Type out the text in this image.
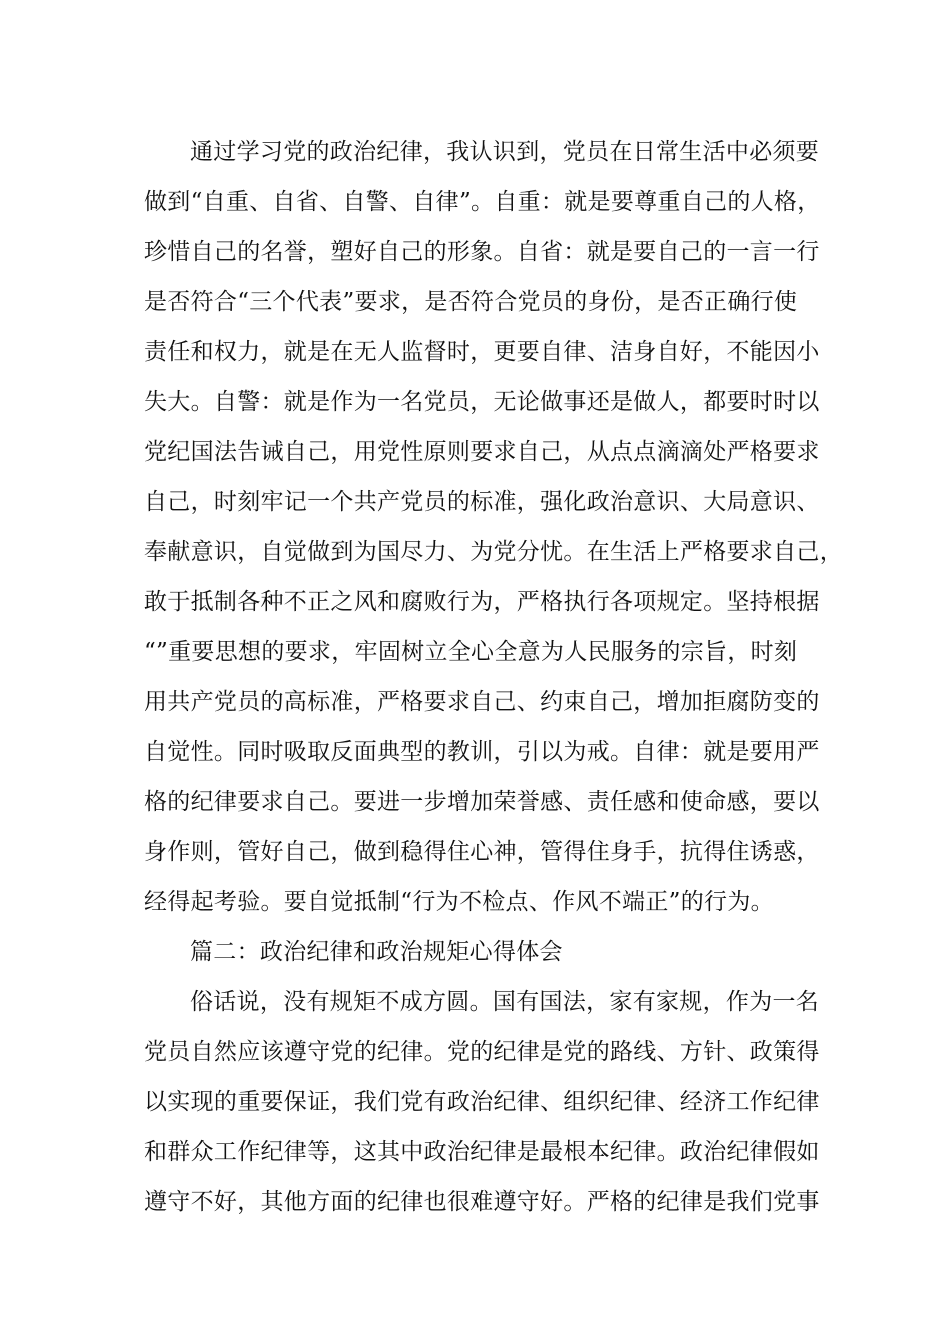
通过学习党的政治纪律，我认识到，党员在日常生活中必须要
做到“自重、自省、自警、自律”。自重：就是要尊重自己的人格，
珍惜自己的名誉，塑好自己的形象。自省：就是要自己的一言一行
是否符合“三个代表”要求，是否符合党员的身份，是否正确行使
责任和权力，就是在无人监督时，更要自律、洁身自好，不能因小
失大。自警：就是作为一名党员，无论做事还是做人，都要时时以
党纪国法告诫自己，用党性原则要求自己，从点点滴滴处严格要求
自己，时刻牢记一个共产党员的标准，强化政治意识、大局意识、
奉献意识，自觉做到为国尽力、为党分忧。在生活上严格要求自己，
敢于抵制各种不正之风和腐败行为，严格执行各项规定。坚持根据
“”重要思想的要求，牢固树立全心全意为人民服务的宗旨，时刻
用共产党员的高标准，严格要求自己、约束自己，增加拒腐防变的
自觉性。同时吸取反面典型的教训，引以为戒。自律：就是要用严
格的纪律要求自己。要进一步增加荣誉感、责任感和使命感，要以
身作则，管好自己，做到稳得住心神，管得住身手，抗得住诱惑，
经得起考验。要自觉抵制“行为不检点、作风不端正”的行为。
篇二：政治纪律和政治规矩心得体会
俗话说，没有规矩不成方圆。国有国法，家有家规，作为一名
党员自然应该遵守党的纪律。党的纪律是党的路线、方针、政策得
以实现的重要保证，我们党有政治纪律、组织纪律、经济工作纪律
和群众工作纪律等，这其中政治纪律是最根本纪律。政治纪律假如
遵守不好，其他方面的纪律也很难遵守好。严格的纪律是我们党事
